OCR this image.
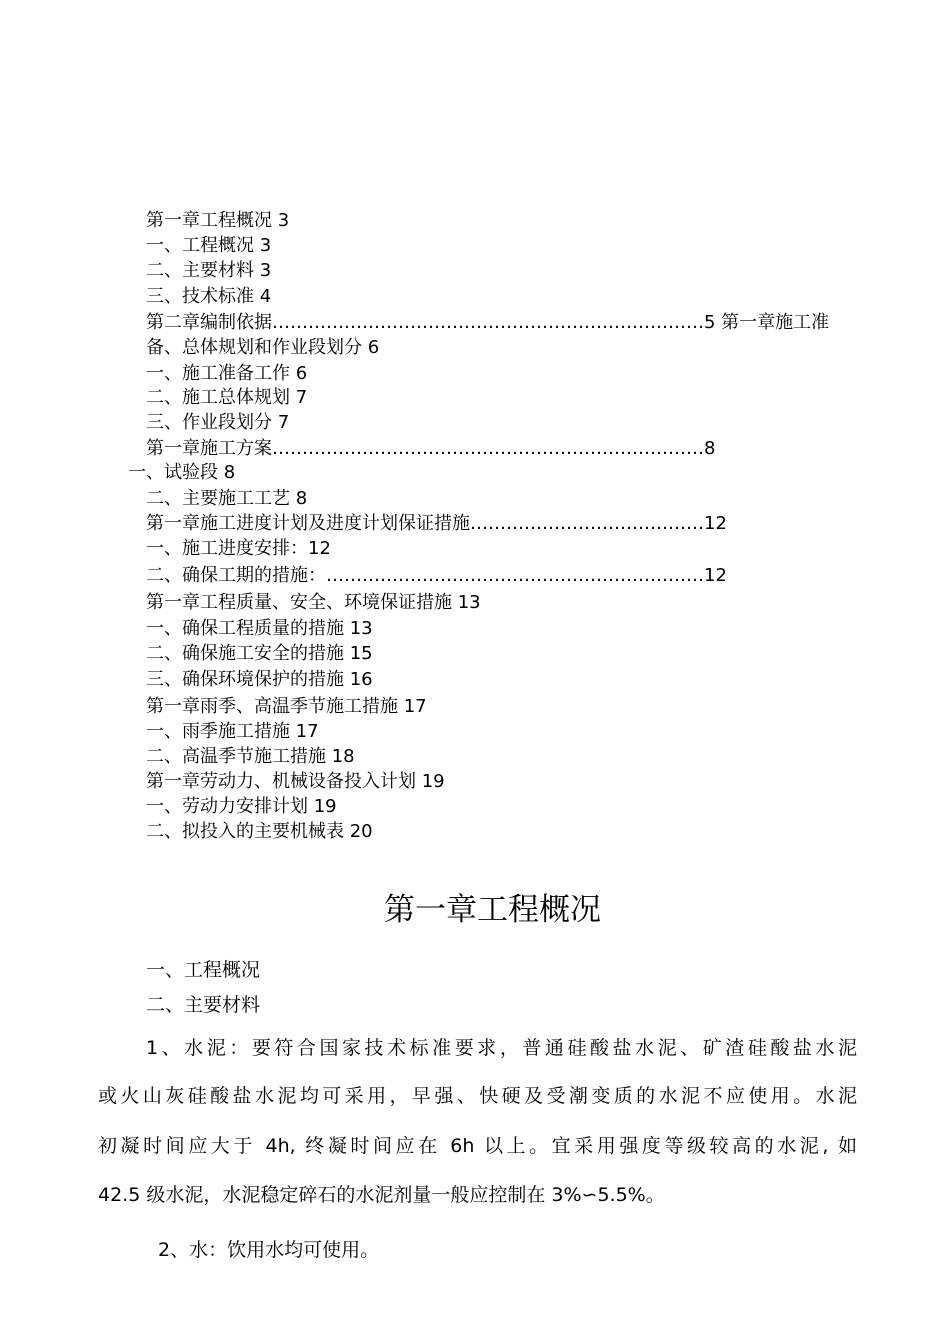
第一章工程概况 3
一、工程概况 3
二、主要材料 3
三、技术标准 4
第二章编制依据………………………………………………………………5 第一章施工准
备、总体规划和作业段划分 6
一、施工准备工作 6
二、施工总体规划 7
三、作业段划分 7
第一章施工方案………………………………………………………………8
一、试验段 8
二、主要施工工艺 8
第一章施工进度计划及进度计划保证措施…………………………………12
一、施工进度安排：12
二、确保工期的措施：………………………………………………………12
第一章工程质量、安全、环境保证措施 13
一、确保工程质量的措施 13
二、确保施工安全的措施 15
三、确保环境保护的措施 16
第一章雨季、高温季节施工措施 17
一、雨季施工措施 17
二、高温季节施工措施 18
第一章劳动力、机械设备投入计划 19
一、劳动力安排计划 19
二、拟投入的主要机械表 20
第一章工程概况
一、工程概况
二、主要材料
1、水泥：要符合国家技术标准要求，普通硅酸盐水泥、矿渣硅酸盐水泥
或火山灰硅酸盐水泥均可采用，早强、快硬及受潮变质的水泥不应使用。水泥
初凝时间应大于 4h, 终凝时间应在 6h 以上。宜采用强度等级较高的水泥, 如
42.5 级水泥，水泥稳定碎石的水泥剂量一般应控制在 3%∽5.5%。
2、水：饮用水均可使用。
